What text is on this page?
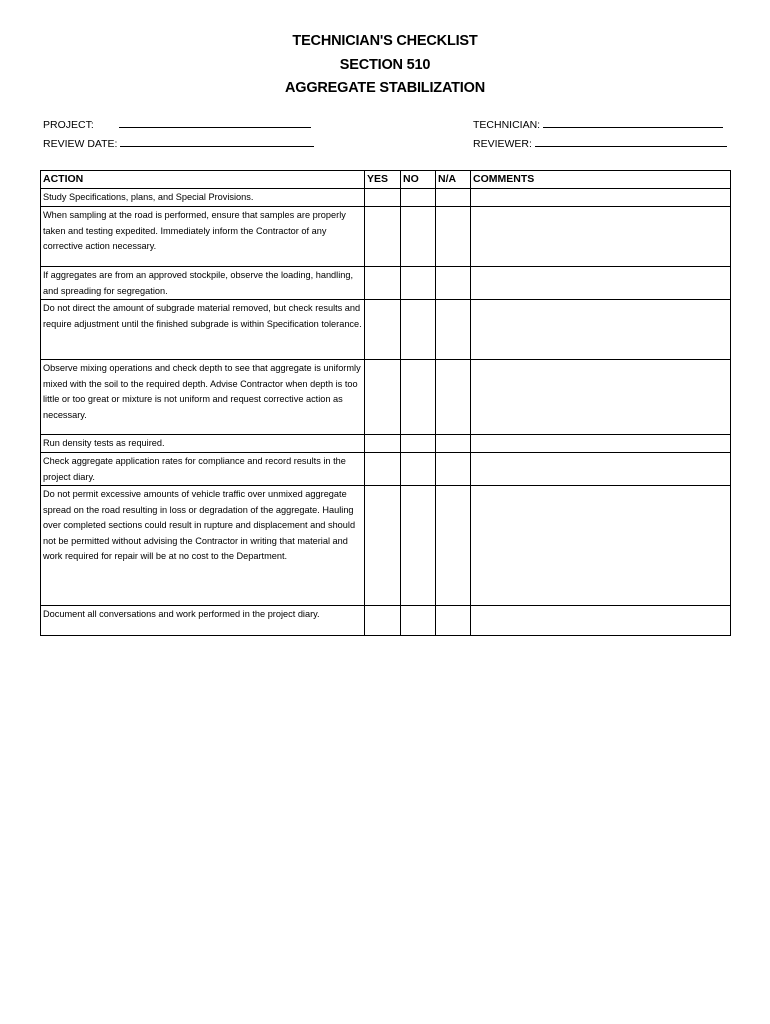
TECHNICIAN'S CHECKLIST
SECTION 510
AGGREGATE STABILIZATION
PROJECT:
REVIEW DATE:
TECHNICIAN:
REVIEWER:
ACTION	YES	NO	N/A	COMMENTS
Study Specifications, plans, and Special Provisions.				
When sampling at the road is performed, ensure that samples are properly taken and testing expedited. Immediately inform the Contractor of any corrective action necessary.				
If aggregates are from an approved stockpile, observe the loading, handling, and spreading for segregation.				
Do not direct the amount of subgrade material removed, but check results and require adjustment until the finished subgrade is within Specification tolerance.				
Observe mixing operations and check depth to see that aggregate is uniformly mixed with the soil to the required depth. Advise Contractor when depth is too little or too great or mixture is not uniform and request corrective action as necessary.				
Run density tests as required.				
Check aggregate application rates for compliance and record results in the project diary.				
Do not permit excessive amounts of vehicle traffic over unmixed aggregate spread on the road resulting in loss or degradation of the aggregate. Hauling over completed sections could result in rupture and displacement and should not be permitted without advising the Contractor in writing that material and work required for repair will be at no cost to the Department.				
Document all conversations and work performed in the project diary.				
